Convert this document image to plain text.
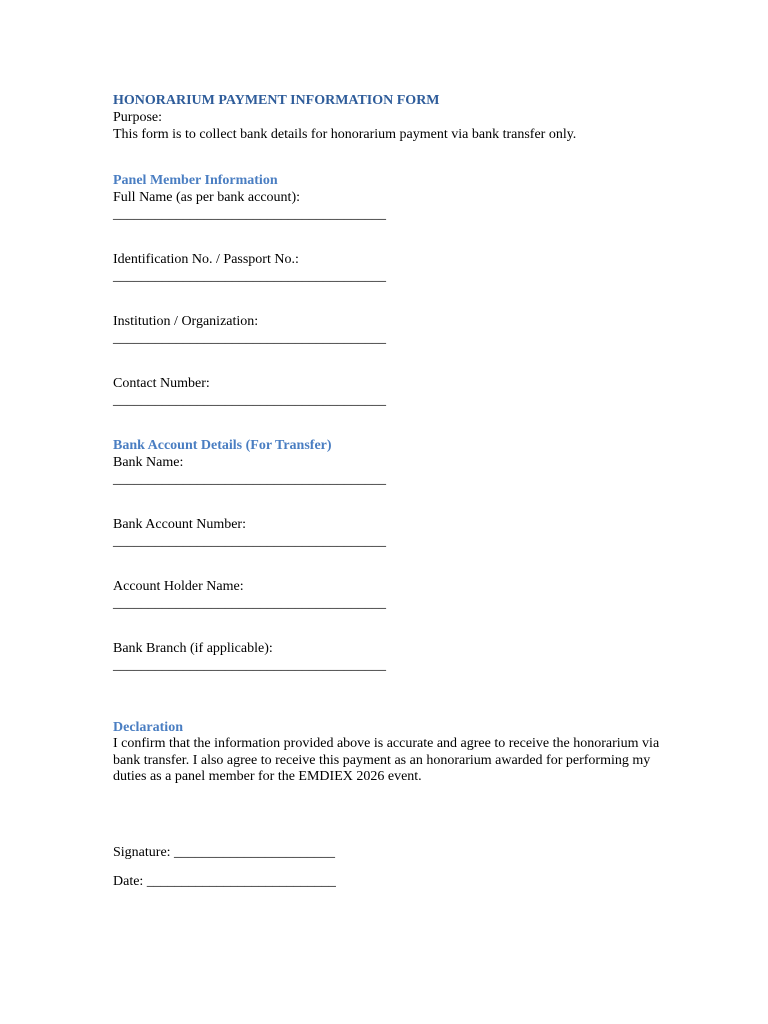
HONORARIUM PAYMENT INFORMATION FORM

Purpose:

This form is to collect bank details for honorarium payment via bank transfer only.

Panel Member Information

Full Name (as per bank account):
_______________________________________
Identification No. / Passport No.:
_______________________________________
Institution / Organization:
_______________________________________
Contact Number:
_______________________________________

Bank Account Details (For Transfer)

Bank Name:
_______________________________________
Bank Account Number:
_______________________________________
Account Holder Name:
_______________________________________
Bank Branch (if applicable):
_______________________________________

Declaration

I confirm that the information provided above is accurate and agree to receive the honorarium via bank transfer. I also agree to receive this payment as an honorarium awarded for performing my duties as a panel member for the EMDIEX 2026 event.

Signature: _______________________

Date: ___________________________
